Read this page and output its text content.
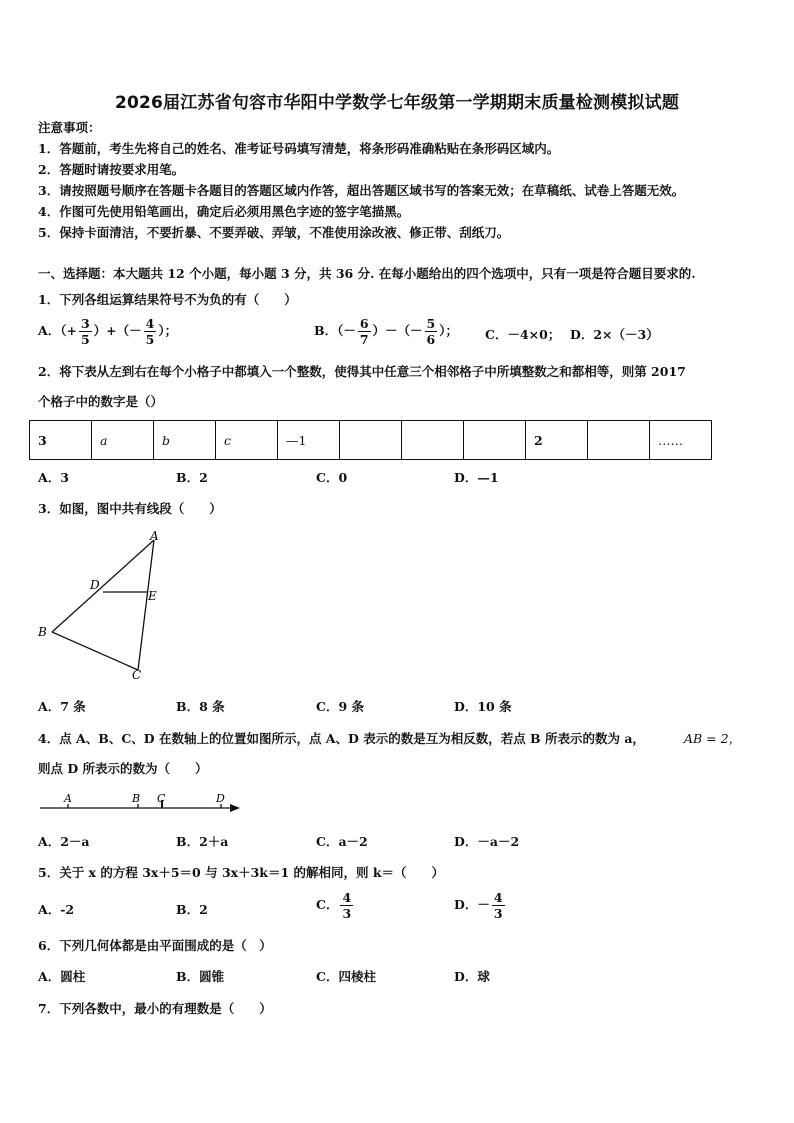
2026届江苏省句容市华阳中学数学七年级第一学期期末质量检测模拟试题
注意事项：
1．答题前，考生先将自己的姓名、准考证号码填写清楚，将条形码准确粘贴在条形码区域内。
2．答题时请按要求用笔。
3．请按照题号顺序在答题卡各题目的答题区域内作答，超出答题区域书写的答案无效；在草稿纸、试卷上答题无效。
4．作图可先使用铅笔画出，确定后必须用黑色字迹的签字笔描黑。
5．保持卡面清洁，不要折暴、不要弄破、弄皱，不准使用涂改液、修正带、刮纸刀。
一、选择题：本大题共 12 个小题，每小题 3 分，共 36 分. 在每小题给出的四个选项中，只有一项是符合题目要求的.
1．下列各组运算结果符号不为负的有（　　）
A．（+ $\frac{3}{5}$ ）+（－ $\frac{4}{5}$ ）；	B．（－ $\frac{6}{7}$ ）－（－ $\frac{5}{6}$ ）； C．－4×0； D．2×（－3）
2．将下表从左到右在每个小格子中都填入一个整数，使得其中任意三个相邻格子中所填整数之和都相等，则第 2017
个格子中的数字是（）
3	a	b	c	—1				2		……
A．3	B．2	C．0	D．—1
3．如图，图中共有线段（　　）
A
D
E
B
C
A．7 条	B．8 条	C．9 条	D．10 条
4．点 A、B、C、D 在数轴上的位置如图所示，点 A、D 表示的数是互为相反数，若点 B 所表示的数为 a，	AB = 2，
则点 D 所表示的数为（　　）
A	B C	D
A．2－a	B．2＋a	C．a－2	D．－a－2
5．关于 x 的方程 3x＋5＝0 与 3x＋3k＝1 的解相同，则 k＝（　　）
A．-2	B．2	C． $\frac{4}{3}$	D．－ $\frac{4}{3}$
6．下列几何体都是由平面围成的是（　）
A．圆柱	B．圆锥	C．四棱柱	D．球
7．下列各数中，最小的有理数是（　　）
